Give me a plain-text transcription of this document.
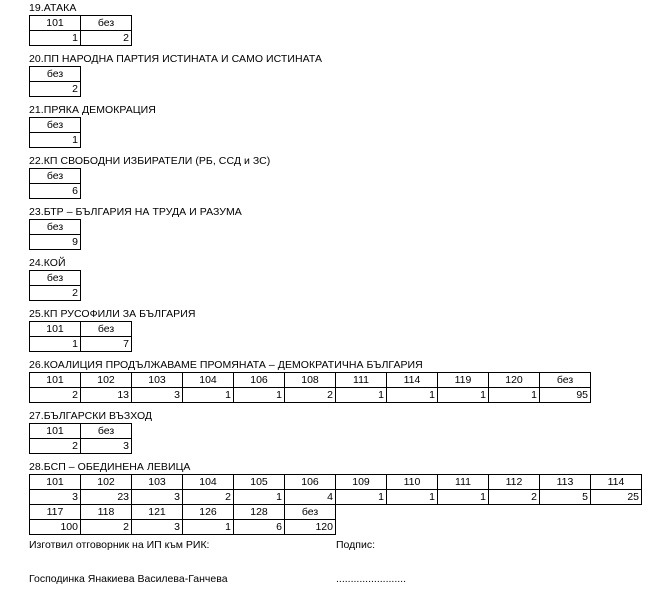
19.АТАКА
101	без
1	2
20.ПП НАРОДНА ПАРТИЯ ИСТИНАТА И САМО ИСТИНАТА
без
2
21.ПРЯКА ДЕМОКРАЦИЯ
без
1
22.КП СВОБОДНИ ИЗБИРАТЕЛИ (РБ, ССД и ЗС)
без
6
23.БТР – БЪЛГАРИЯ НА ТРУДА И РАЗУМА
без
9
24.КОЙ
без
2
25.КП РУСОФИЛИ ЗА БЪЛГАРИЯ
101	без
1	7
26.КОАЛИЦИЯ ПРОДЪЛЖАВАМЕ ПРОМЯНАТА – ДЕМОКРАТИЧНА БЪЛГАРИЯ
101	102	103	104	106	108	111	114	119	120	без
2	13	3	1	1	2	1	1	1	1	95
27.БЪЛГАРСКИ ВЪЗХОД
101	без
2	3
28.БСП – ОБЕДИНЕНА ЛЕВИЦА
101	102	103	104	105	106	109	110	111	112	113	114
3	23	3	2	1	4	1	1	1	2	5	25
117	118	121	126	128	без						
100	2	3	1	6	120						
Изготвил отговорник на ИП към РИК:	Подпис:
Господинка Янакиева Василева-Ганчева	........................
